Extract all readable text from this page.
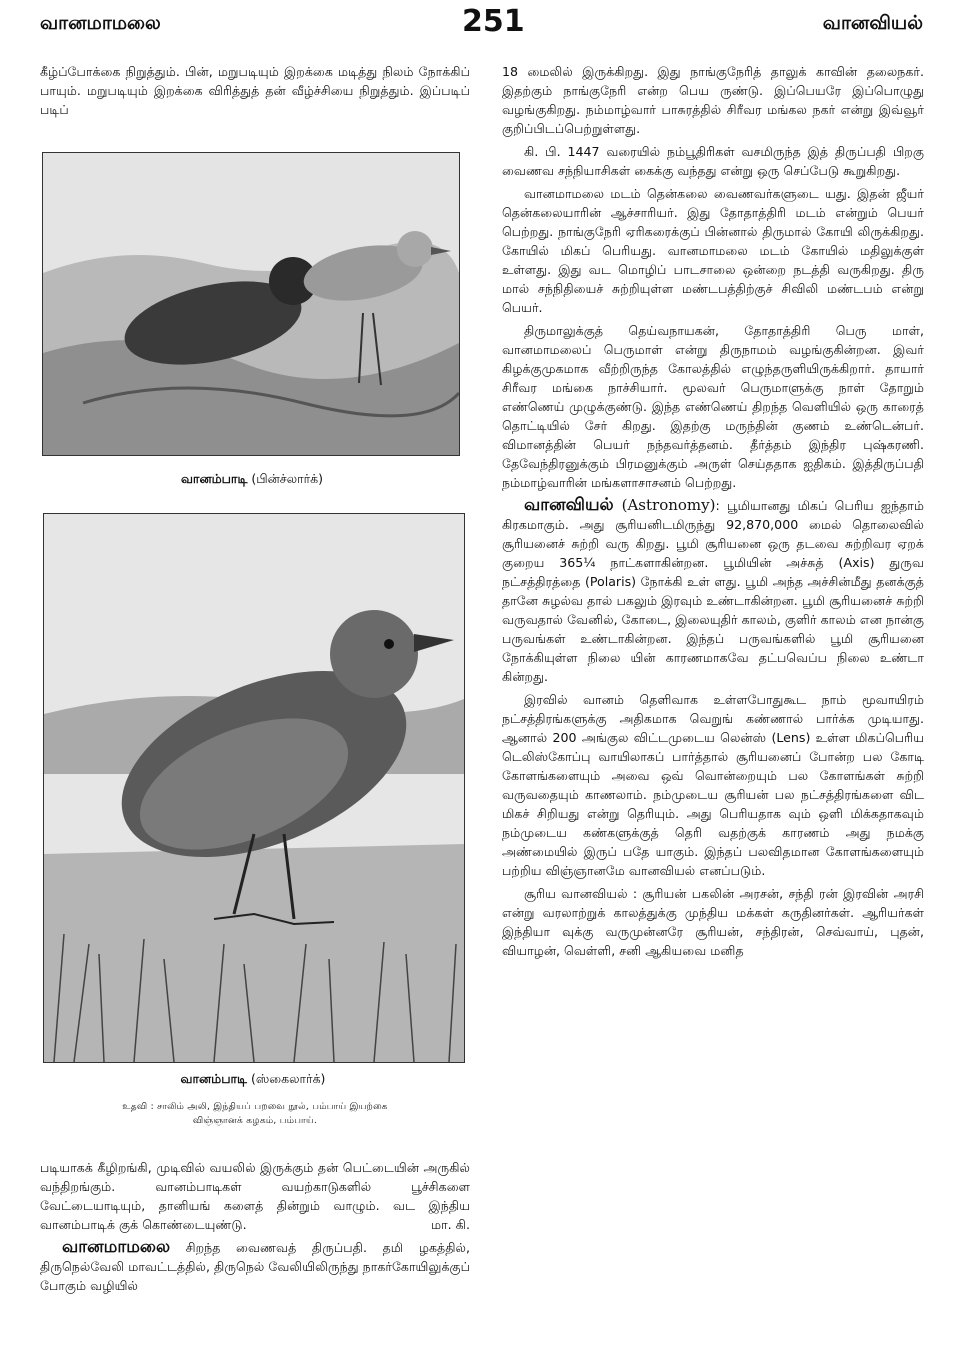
வானமாமலை	251	வானவியல்

கீழ்ப்போக்கை நிறுத்தும். பின், மறுபடியும் இறக்கை மடித்து நிலம் நோக்கிப் பாயும். மறுபடியும் இறக்கை விரித்துத் தன் வீழ்ச்சியை நிறுத்தும். இப்படிப் படிப்

வானம்பாடி (பின்ச்லார்க்)
வானம்பாடி (ஸ்கைலார்க்)
உதவி : சாலிம் அலி, இந்தியப் பறவை நூல், பம்பாய் இயற்கை
விஞ்ஞானக் கழகம், பம்பாய்.

படியாகக் கீழிறங்கி, முடிவில் வயலில் இருக்கும் தன் பெட்டையின் அருகில் வந்திறங்கும். வானம்பாடிகள் வயற்காடுகளில் பூச்சிகளை வேட்டையாடியும், தானியங் களைத் தின்றும் வாழும். வட இந்திய வானம்பாடிக் குக் கொண்டையுண்டு.	மா. கி.

வானமாமலை சிறந்த வைணவத் திருப்பதி. தமி ழகத்தில், திருநெல்வேலி மாவட்டத்தில், திருநெல் வேலியிலிருந்து நாகர்கோயிலுக்குப் போகும் வழியில்

18 மைலில் இருக்கிறது. இது நாங்குநேரித் தாலுக் காவின் தலைநகர். இதற்கும் நாங்குநேரி என்ற பெய ருண்டு. இப்பெயரே இப்பொழுது வழங்குகிறது. நம்மாழ்வார் பாசுரத்தில் சிரீவர மங்கல நகர் என்று இவ்வூர் குறிப்பிடப்பெற்றுள்ளது.

கி. பி. 1447 வரையில் நம்பூதிரிகள் வசமிருந்த இத் திருப்பதி பிறகு வைணவ சந்நியாசிகள் கைக்கு வந்தது என்று ஒரு செப்பேடு கூறுகிறது.

வானமாமலை மடம் தென்கலை வைணவர்களுடை யது. இதன் ஜீயர் தென்கலையாரின் ஆச்சாரியர். இது தோதாத்திரி மடம் என்றும் பெயர் பெற்றது. நாங்குநேரி ஏரிகரைக்குப் பின்னால் திருமால் கோயி லிருக்கிறது. கோயில் மிகப் பெரியது. வானமாமலை மடம் கோயில் மதிலுக்குள் உள்ளது. இது வட மொழிப் பாடசாலை ஒன்றை நடத்தி வருகிறது. திரு மால் சந்நிதியைச் சுற்றியுள்ள மண்டபத்திற்குச் சிவிலி மண்டபம் என்று பெயர்.

திருமாலுக்குத் தெய்வநாயகன், தோதாத்திரி பெரு மாள், வானமாமலைப் பெருமாள் என்று திருநாமம் வழங்குகின்றன. இவர் கிழக்குமுகமாக வீற்றிருந்த கோலத்தில் எழுந்தருளியிருக்கிறார். தாயார் சிரீவர மங்கை நாச்சியார். மூலவர் பெருமாளுக்கு நாள் தோறும் எண்ணெய் முழுக்குண்டு. இந்த எண்ணெய் திறந்த வெளியில் ஒரு காரைத் தொட்டியில் சேர் கிறது. இதற்கு மருந்தின் குணம் உண்டென்பர். விமானத்தின் பெயர் நந்தவர்த்தனம். தீர்த்தம் இந்திர புஷ்கரணி. தேவேந்திரனுக்கும் பிரமனுக்கும் அருள் செய்ததாக ஐதிகம். இத்திருப்பதி நம்மாழ்வாரின் மங்களாசாசனம் பெற்றது.

வானவியல் (Astronomy): பூமியானது மிகப் பெரிய ஐந்தாம் கிரகமாகும். அது சூரியனிடமிருந்து 92,870,000 மைல் தொலைவில் சூரியனைச் சுற்றி வரு கிறது. பூமி சூரியனை ஒரு தடவை சுற்றிவர ஏறக் குறைய 365¼ நாட்களாகின்றன. பூமியின் அச்சுத் (Axis) துருவ நட்சத்திரத்தை (Polaris) நோக்கி உள் ளது. பூமி அந்த அச்சின்மீது தனக்குத் தானே சுழல்வ தால் பகலும் இரவும் உண்டாகின்றன. பூமி சூரியனைச் சுற்றி வருவதால் வேனில், கோடை, இலையுதிர் காலம், குளிர் காலம் என நான்கு பருவங்கள் உண்டாகின்றன. இந்தப் பருவங்களில் பூமி சூரியனை நோக்கியுள்ள நிலை யின் காரணமாகவே தட்பவெப்ப நிலை உண்டா கின்றது.

இரவில் வானம் தெளிவாக உள்ளபோதுகூட நாம் மூவாயிரம் நட்சத்திரங்களுக்கு அதிகமாக வெறுங் கண்ணால் பார்க்க முடியாது. ஆனால் 200 அங்குல விட்டமுடைய லென்ஸ் (Lens) உள்ள மிகப்பெரிய டெலிஸ்கோப்பு வாயிலாகப் பார்த்தால் சூரியனைப் போன்ற பல கோடி கோளங்களையும் அவை ஒவ் வொன்றையும் பல கோளங்கள் சுற்றி வருவதையும் காணலாம். நம்முடைய சூரியன் பல நட்சத்திரங்களை விட மிகச் சிறியது என்று தெரியும். அது பெரியதாக வும் ஒளி மிக்கதாகவும் நம்முடைய கண்களுக்குத் தெரி வதற்குக் காரணம் அது நமக்கு அண்மையில் இருப் பதே யாகும். இந்தப் பலவிதமான கோளங்களையும் பற்றிய விஞ்ஞானமே வானவியல் எனப்படும்.

சூரிய வானவியல் : சூரியன் பகலின் அரசன், சந்தி ரன் இரவின் அரசி என்று வரலாற்றுக் காலத்துக்கு முந்திய மக்கள் கருதினர்கள். ஆரியர்கள் இந்தியா வுக்கு வருமுன்னரே சூரியன், சந்திரன், செவ்வாய், புதன், வியாழன், வெள்ளி, சனி ஆகியவை மனித
